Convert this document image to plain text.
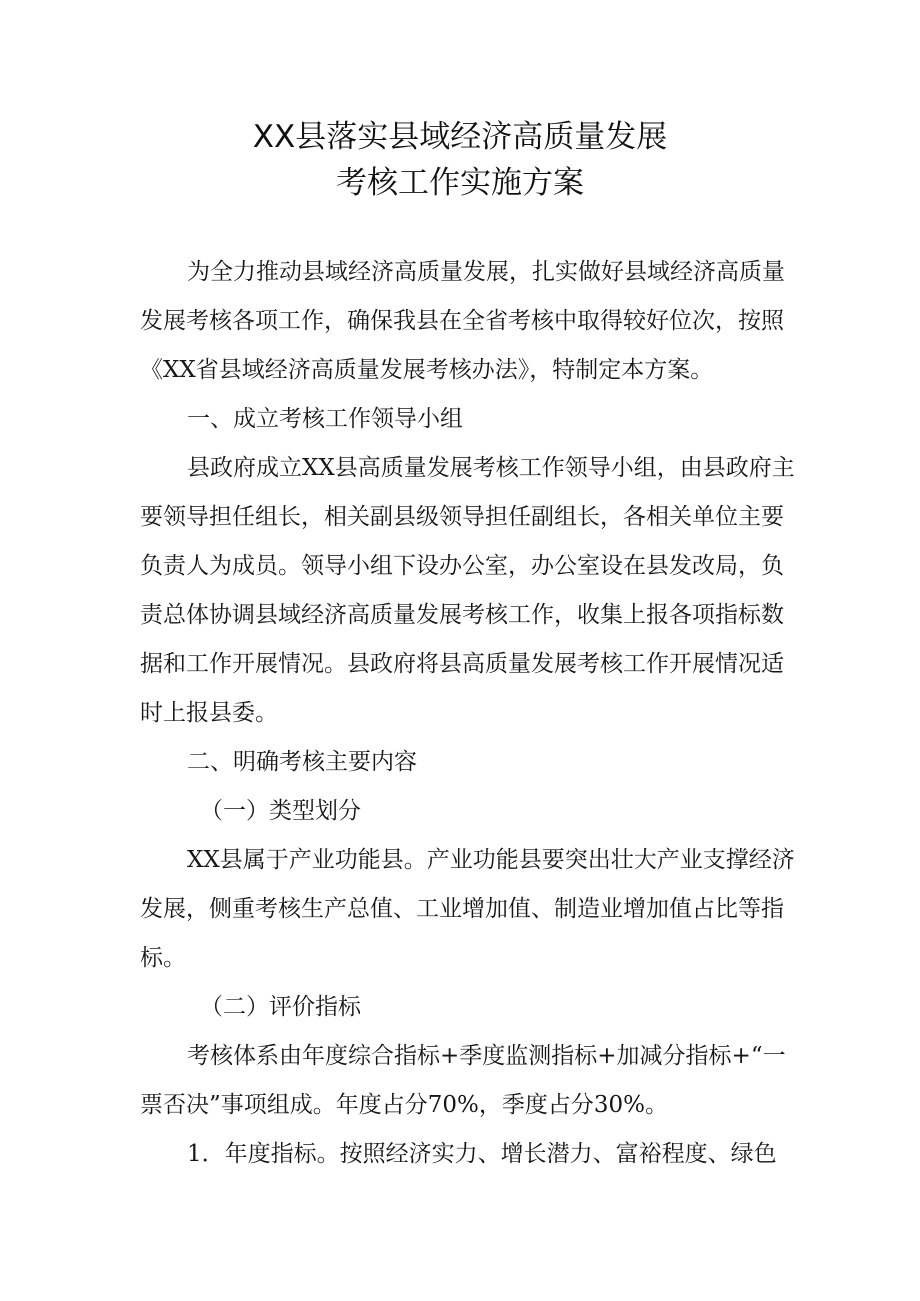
XX县落实县域经济高质量发展
考核工作实施方案
为全力推动县域经济高质量发展，扎实做好县域经济高质量
发展考核各项工作，确保我县在全省考核中取得较好位次，按照
《XX省县域经济高质量发展考核办法》，特制定本方案。
一、成立考核工作领导小组
县政府成立XX县高质量发展考核工作领导小组，由县政府主
要领导担任组长，相关副县级领导担任副组长，各相关单位主要
负责人为成员。领导小组下设办公室，办公室设在县发改局，负
责总体协调县域经济高质量发展考核工作，收集上报各项指标数
据和工作开展情况。县政府将县高质量发展考核工作开展情况适
时上报县委。
二、明确考核主要内容
（一）类型划分
XX县属于产业功能县。产业功能县要突出壮大产业支撑经济
发展，侧重考核生产总值、工业增加值、制造业增加值占比等指
标。
（二）评价指标
考核体系由年度综合指标+季度监测指标+加减分指标+“一
票否决”事项组成。年度占分70%，季度占分30%。
1．年度指标。按照经济实力、增长潜力、富裕程度、绿色
